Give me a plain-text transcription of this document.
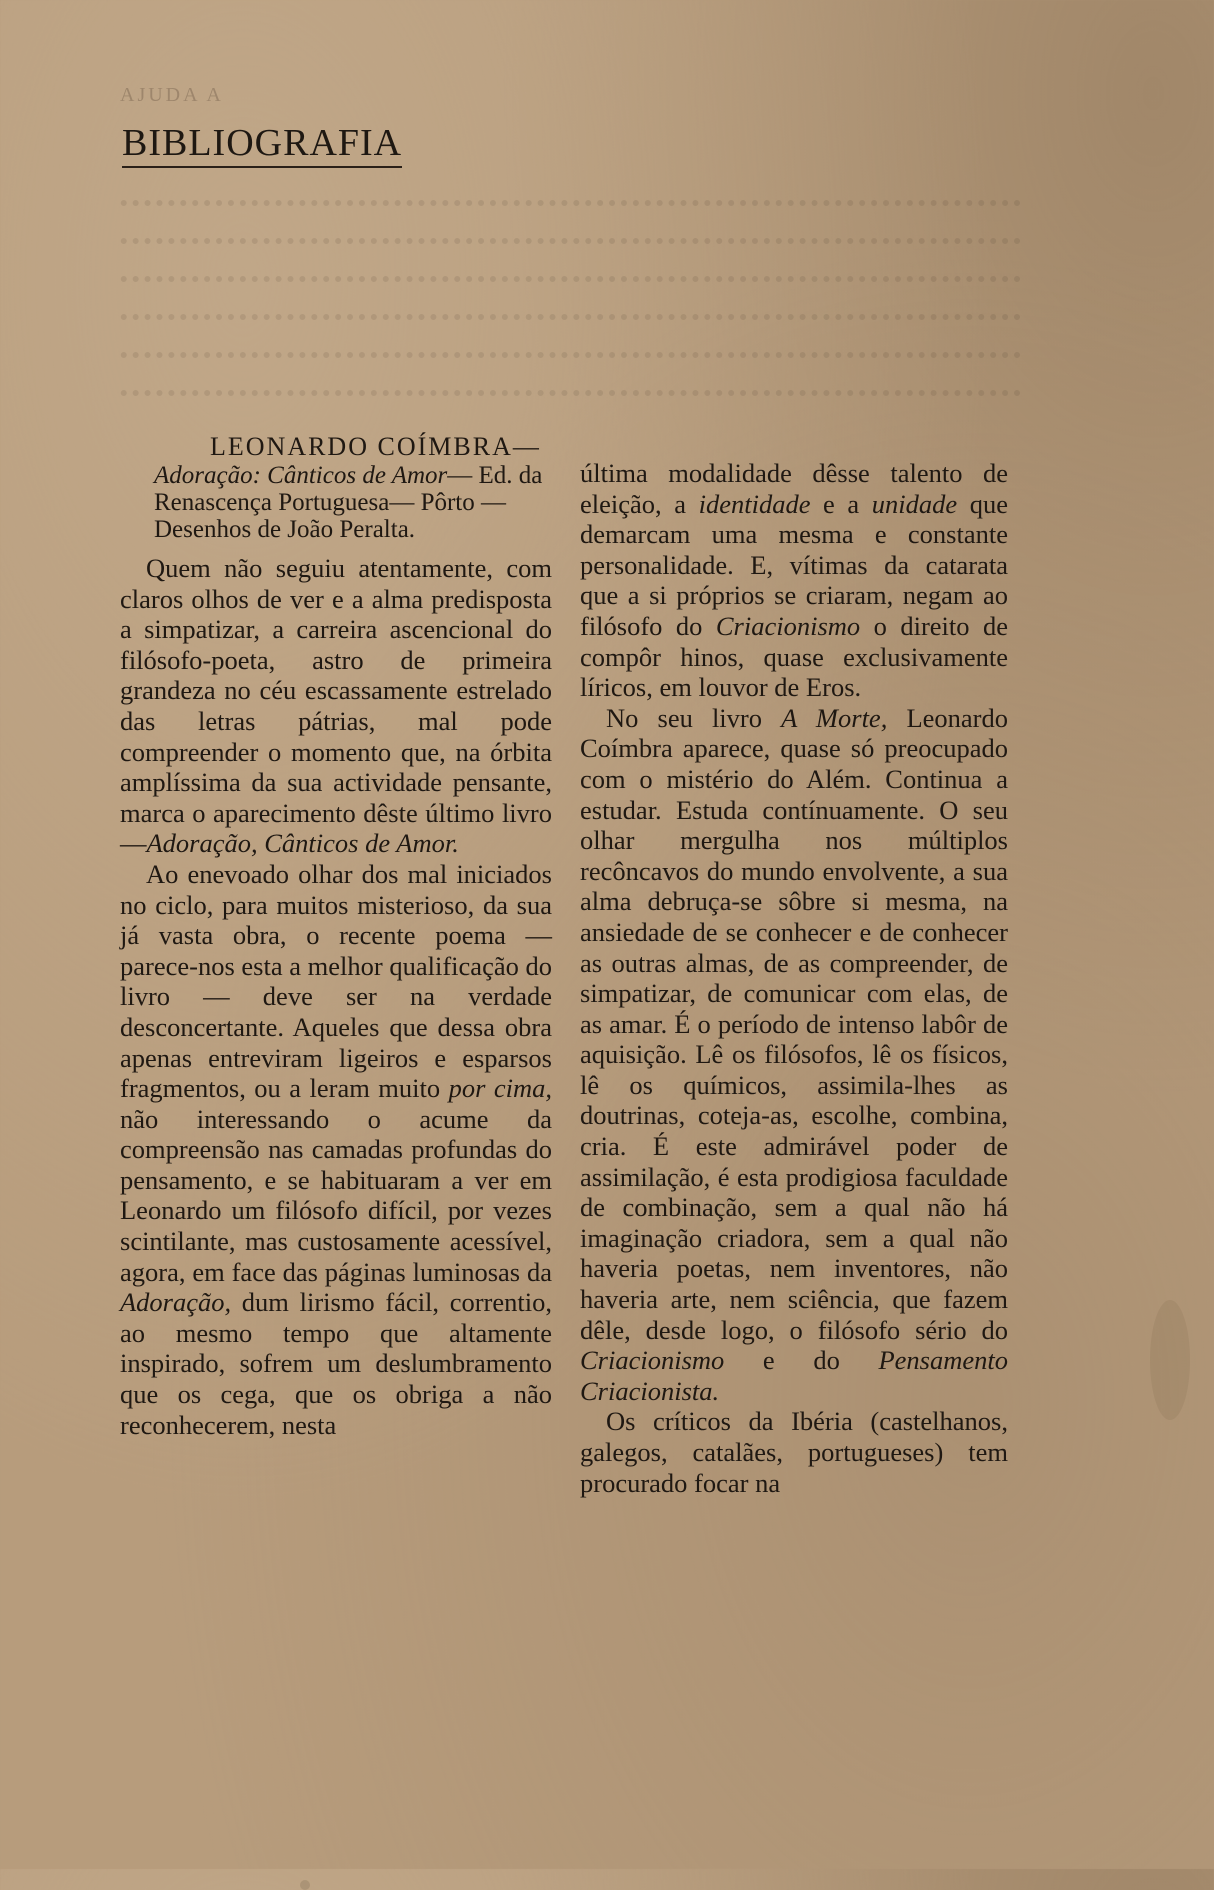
AJUDA A
BIBLIOGRAFIA

LEONARDO COÍMBRA—

Adoração: Cânticos de Amor— Ed. da Renascença Portuguesa— Pôrto — Desenhos de João Peralta.

Quem não seguiu atentamente, com claros olhos de ver e a alma predisposta a simpatizar, a carreira ascencional do filósofo-poeta, astro de primeira grandeza no céu escassamente estrelado das letras pátrias, mal pode compreender o momento que, na órbita amplíssima da sua actividade pensante, marca o aparecimento dêste último livro—Adoração, Cânticos de Amor.

Ao enevoado olhar dos mal iniciados no ciclo, para muitos misterioso, da sua já vasta obra, o recente poema — parece-nos esta a melhor qualificação do livro — deve ser na verdade desconcertante. Aqueles que dessa obra apenas entreviram ligeiros e esparsos fragmentos, ou a leram muito por cima, não interessando o acume da compreensão nas camadas profundas do pensamento, e se habituaram a ver em Leonardo um filósofo difícil, por vezes scintilante, mas custosamente acessível, agora, em face das páginas luminosas da Adoração, dum lirismo fácil, correntio, ao mesmo tempo que altamente inspirado, sofrem um deslumbramento que os cega, que os obriga a não reconhecerem, nesta

última modalidade dêsse talento de eleição, a identidade e a unidade que demarcam uma mesma e constante personalidade. E, vítimas da catarata que a si próprios se criaram, negam ao filósofo do Criacionismo o direito de compôr hinos, quase exclusivamente líricos, em louvor de Eros.

No seu livro A Morte, Leonardo Coímbra aparece, quase só preocupado com o mistério do Além. Continua a estudar. Estuda contínuamente. O seu olhar mergulha nos múltiplos recôncavos do mundo envolvente, a sua alma debruça-se sôbre si mesma, na ansiedade de se conhecer e de conhecer as outras almas, de as compreender, de simpatizar, de comunicar com elas, de as amar. É o período de intenso labôr de aquisição. Lê os filósofos, lê os físicos, lê os químicos, assimila-lhes as doutrinas, coteja-as, escolhe, combina, cria. É este admirável poder de assimilação, é esta prodigiosa faculdade de combinação, sem a qual não há imaginação criadora, sem a qual não haveria poetas, nem inventores, não haveria arte, nem sciência, que fazem dêle, desde logo, o filósofo sério do Criacionismo e do Pensamento Criacionista.

Os críticos da Ibéria (castelhanos, galegos, catalães, portugueses) tem procurado focar na
